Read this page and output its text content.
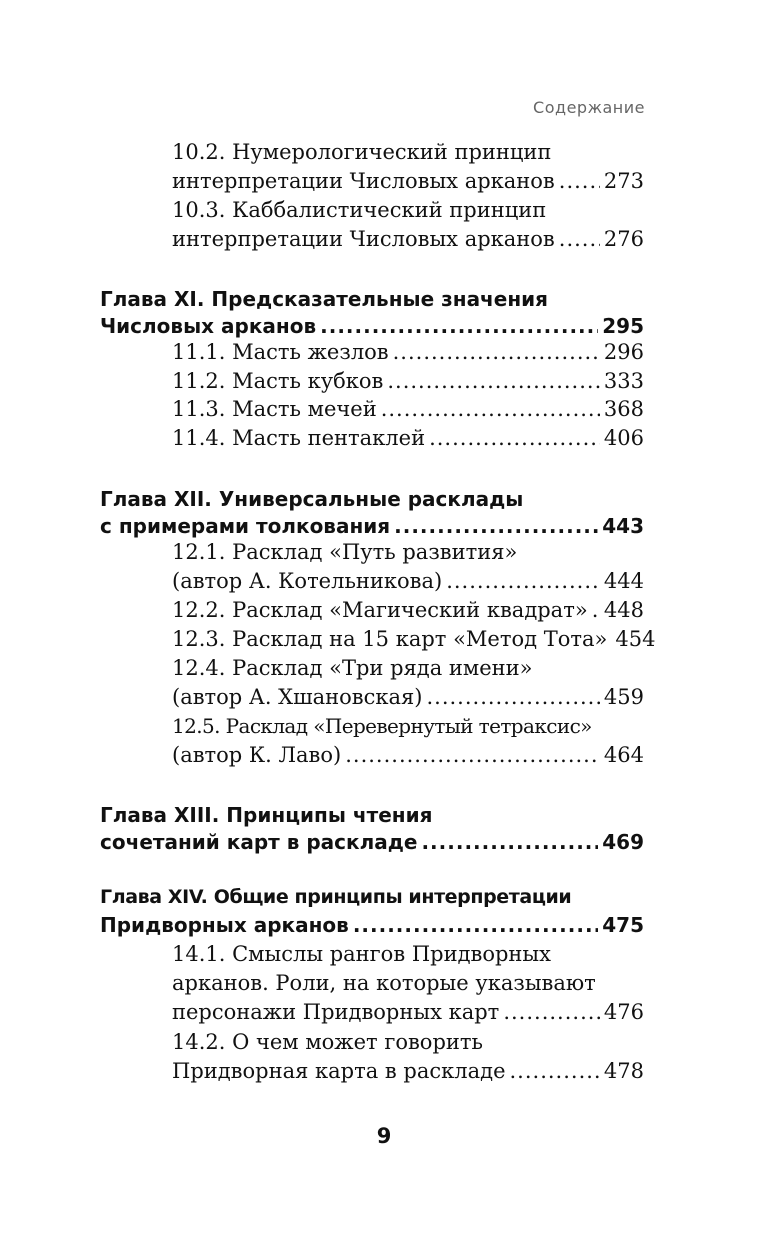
Содержание
10.2. Нумерологический принцип
интерпретации Числовых арканов ..... 273
10.3. Каббалистический принцип
интерпретации Числовых арканов ..... 276
Глава XI. Предсказательные значения
Числовых арканов .....	295
11.1. Масть жезлов .....	296
11.2. Масть кубков .....	333
11.3. Масть мечей .....	368
11.4. Масть пентаклей .....	406
Глава XII. Универсальные расклады
с примерами толкования .....	443
12.1. Расклад «Путь развития»
(автор А. Котельникова) .....	444
12.2. Расклад «Магический квадрат» ..... 448
12.3. Расклад на 15 карт «Метод Тота» 454
12.4. Расклад «Три ряда имени»
(автор А. Хшановская) .....	459
12.5. Расклад «Перевернутый тетраксис»
(автор К. Лаво) .....	464
Глава XIII. Принципы чтения
сочетаний карт в раскладе .....	469
Глава XIV. Общие принципы интерпретации
Придворных арканов .....	475
14.1. Смыслы рангов Придворных
арканов. Роли, на которые указывают
персонажи Придворных карт .....	476
14.2. О чем может говорить
Придворная карта в раскладе .....	478
9
